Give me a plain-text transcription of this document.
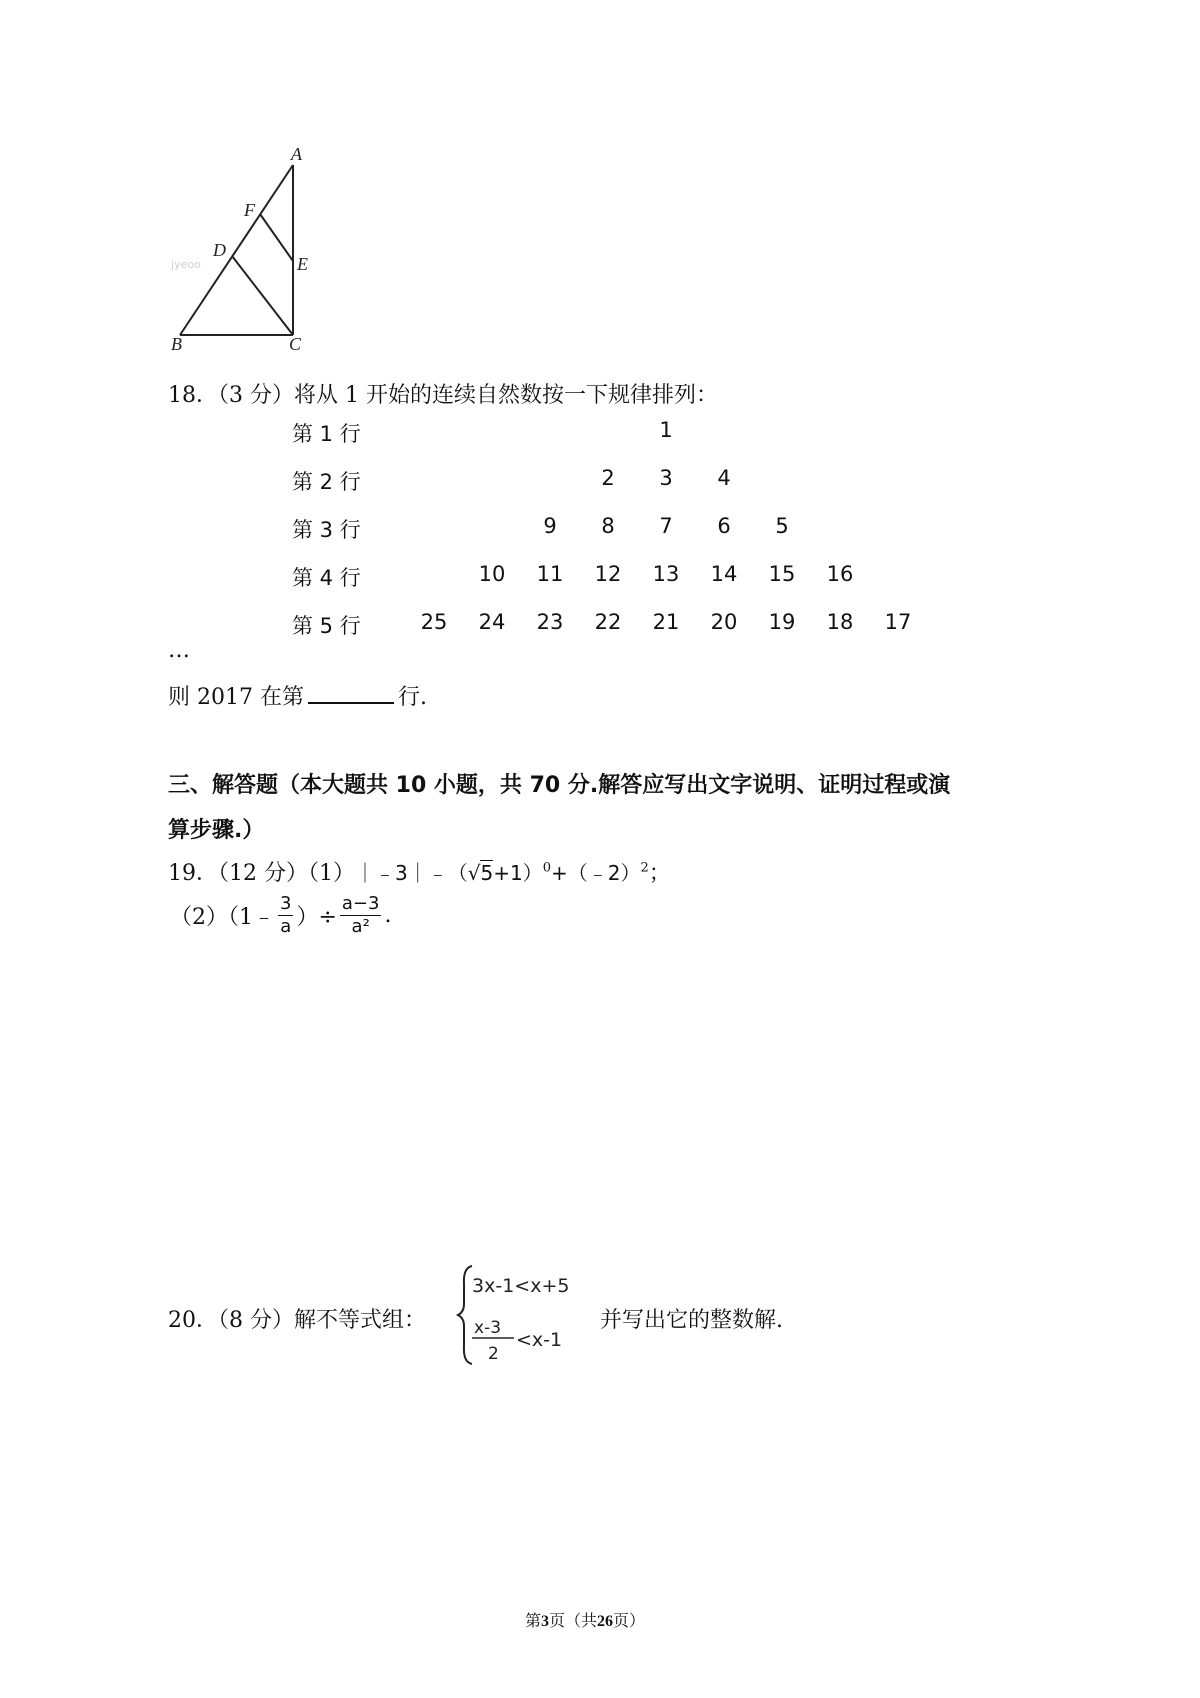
A
B	C
D
E
F
jyeoo
18．（3 分）将从 1 开始的连续自然数按一下规律排列：
第 1 行	1
第 2 行	2 3 4
第 3 行	9 8 7 6 5
第 4 行	10 11 12 13 14 15 16
第 5 行	25 24 23 22 21 20 19 18 17
…
则 2017 在第	行.
三、解答题（本大题共 10 小题，共 70 分.解答应写出文字说明、证明过程或演
算步骤.）
19．（12 分）$(1)|﹣3|﹣(√5+1)^0+(﹣2)^2$；
（2）（1﹣ $\frac{3}{a}$ ）÷ $\frac{a-3}{\text{a²}}$ .
20．（8 分）解不等式组：
3x-1<x+5
x-3
2
<x-1
并写出它的整数解.
第3页（共26页）
